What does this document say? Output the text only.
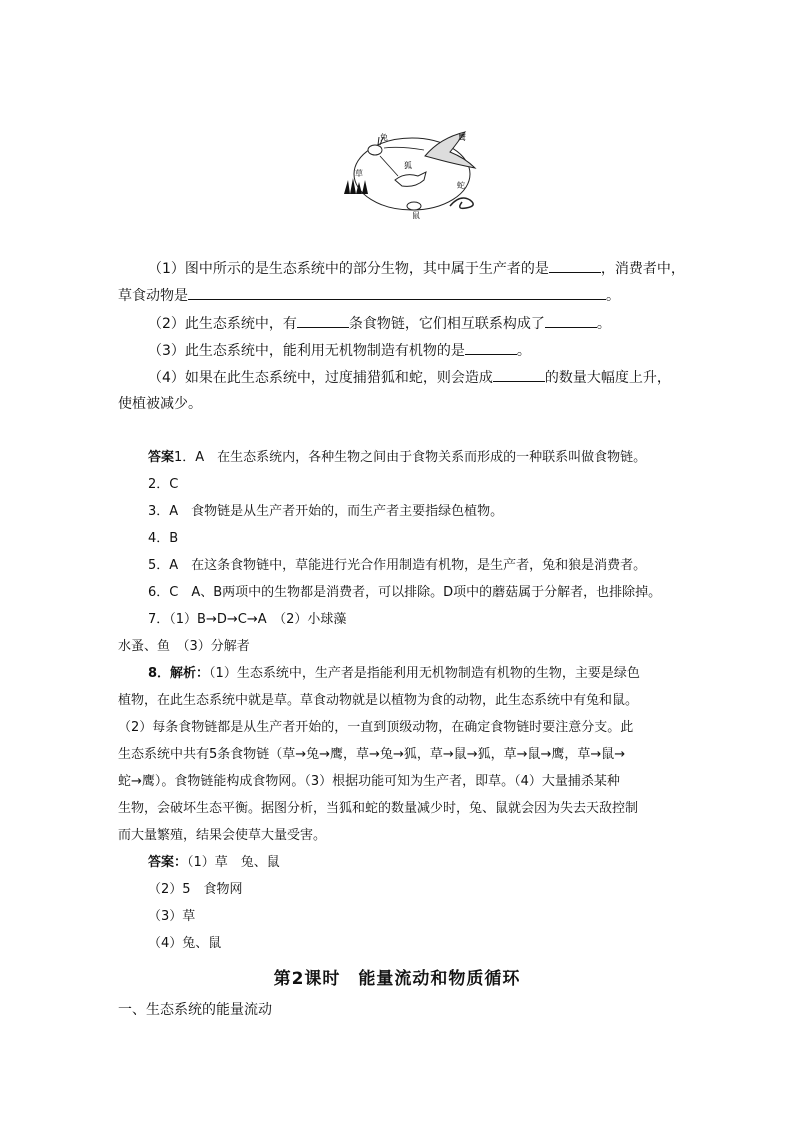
兔	鹰
狐
草
蛇
鼠
（1）图中所示的是生态系统中的部分生物，其中属于生产者的是	，消费者中，
草食动物是	。
（2）此生态系统中，有	条食物链，它们相互联系构成了	。
（3）此生态系统中，能利用无机物制造有机物的是	。
（4）如果在此生态系统中，过度捕猎狐和蛇，则会造成	的数量大幅度上升，
使植被减少。
答案1．A　在生态系统内，各种生物之间由于食物关系而形成的一种联系叫做食物链。
2．C
3．A　食物链是从生产者开始的，而生产者主要指绿色植物。
4．B
5．A　在这条食物链中，草能进行光合作用制造有机物，是生产者，兔和狼是消费者。
6．C　A、B两项中的生物都是消费者，可以排除。D项中的蘑菇属于分解者，也排除掉。
7．（1）B→D→C→A　（2）小球藻
水蚤、鱼　（3）分解者
8．解析：（1）生态系统中，生产者是指能利用无机物制造有机物的生物，主要是绿色
植物，在此生态系统中就是草。草食动物就是以植物为食的动物，此生态系统中有兔和鼠。
（2）每条食物链都是从生产者开始的，一直到顶级动物，在确定食物链时要注意分支。此
生态系统中共有5条食物链（草→兔→鹰，草→兔→狐，草→鼠→狐，草→鼠→鹰，草→鼠→
蛇→鹰）。食物链能构成食物网。（3）根据功能可知为生产者，即草。（4）大量捕杀某种
生物，会破坏生态平衡。据图分析，当狐和蛇的数量减少时，兔、鼠就会因为失去天敌控制
而大量繁殖，结果会使草大量受害。
答案：（1）草　兔、鼠
（2）5　食物网
（3）草
（4）兔、鼠
第2课时　能量流动和物质循环
一、生态系统的能量流动
